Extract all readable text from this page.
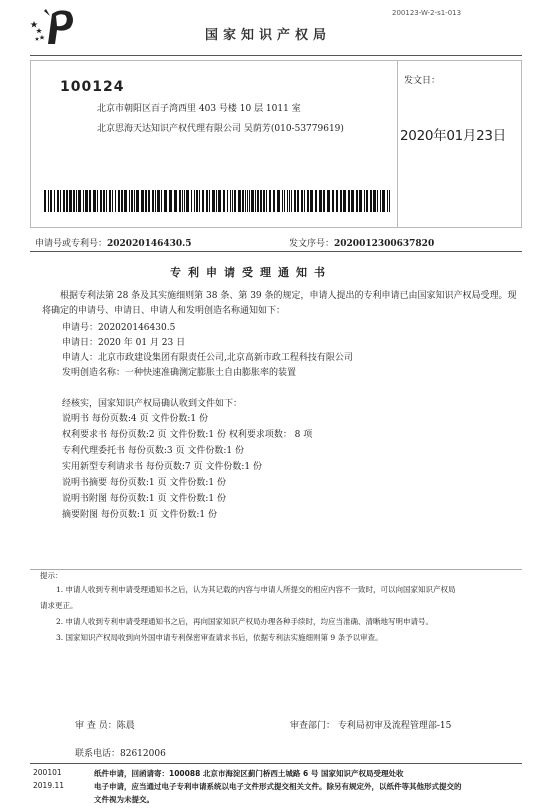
200123-W-2-s1-013
国家知识产权局
100124
北京市朝阳区百子湾西里 403 号楼 10 层 1011 室
北京思海天达知识产权代理有限公司 吴荫芳(010-53779619)
发文日：
2020年01月23日
申请号或专利号：202020146430.5	发文序号：2020012300637820
专利申请受理通知书
根据专利法第 28 条及其实施细则第 38 条、第 39 条的规定，申请人提出的专利申请已由国家知识产权局受理。现将确定的申请号、申请日、申请人和发明创造名称通知如下：
申请号：202020146430.5
申请日：2020 年 01 月 23 日
申请人：北京市政建设集团有限责任公司,北京高新市政工程科技有限公司
发明创造名称：一种快速准确测定膨胀土自由膨胀率的装置
经核实，国家知识产权局确认收到文件如下：
说明书 每份页数:4 页 文件份数:1 份
权利要求书 每份页数:2 页 文件份数:1 份 权利要求项数： 8 项
专利代理委托书 每份页数:3 页 文件份数:1 份
实用新型专利请求书 每份页数:7 页 文件份数:1 份
说明书摘要 每份页数:1 页 文件份数:1 份
说明书附图 每份页数:1 页 文件份数:1 份
摘要附图 每份页数:1 页 文件份数:1 份
提示：
1. 申请人收到专利申请受理通知书之后，认为其记载的内容与申请人所提交的相应内容不一致时，可以向国家知识产权局
请求更正。
2. 申请人收到专利申请受理通知书之后，再向国家知识产权局办理各种手续时，均应当准确、清晰地写明申请号。
3. 国家知识产权局收到向外国申请专利保密审查请求书后，依据专利法实施细则第 9 条予以审查。
审 查 员：陈晨	审查部门： 专利局初审及流程管理部-15
联系电话：82612006
200101
2019.11
纸件申请，回函请寄：100088 北京市海淀区蓟门桥西土城路 6 号 国家知识产权局受理处收
电子申请，应当通过电子专利申请系统以电子文件形式提交相关文件。除另有规定外，以纸件等其他形式提交的
文件视为未提交。
